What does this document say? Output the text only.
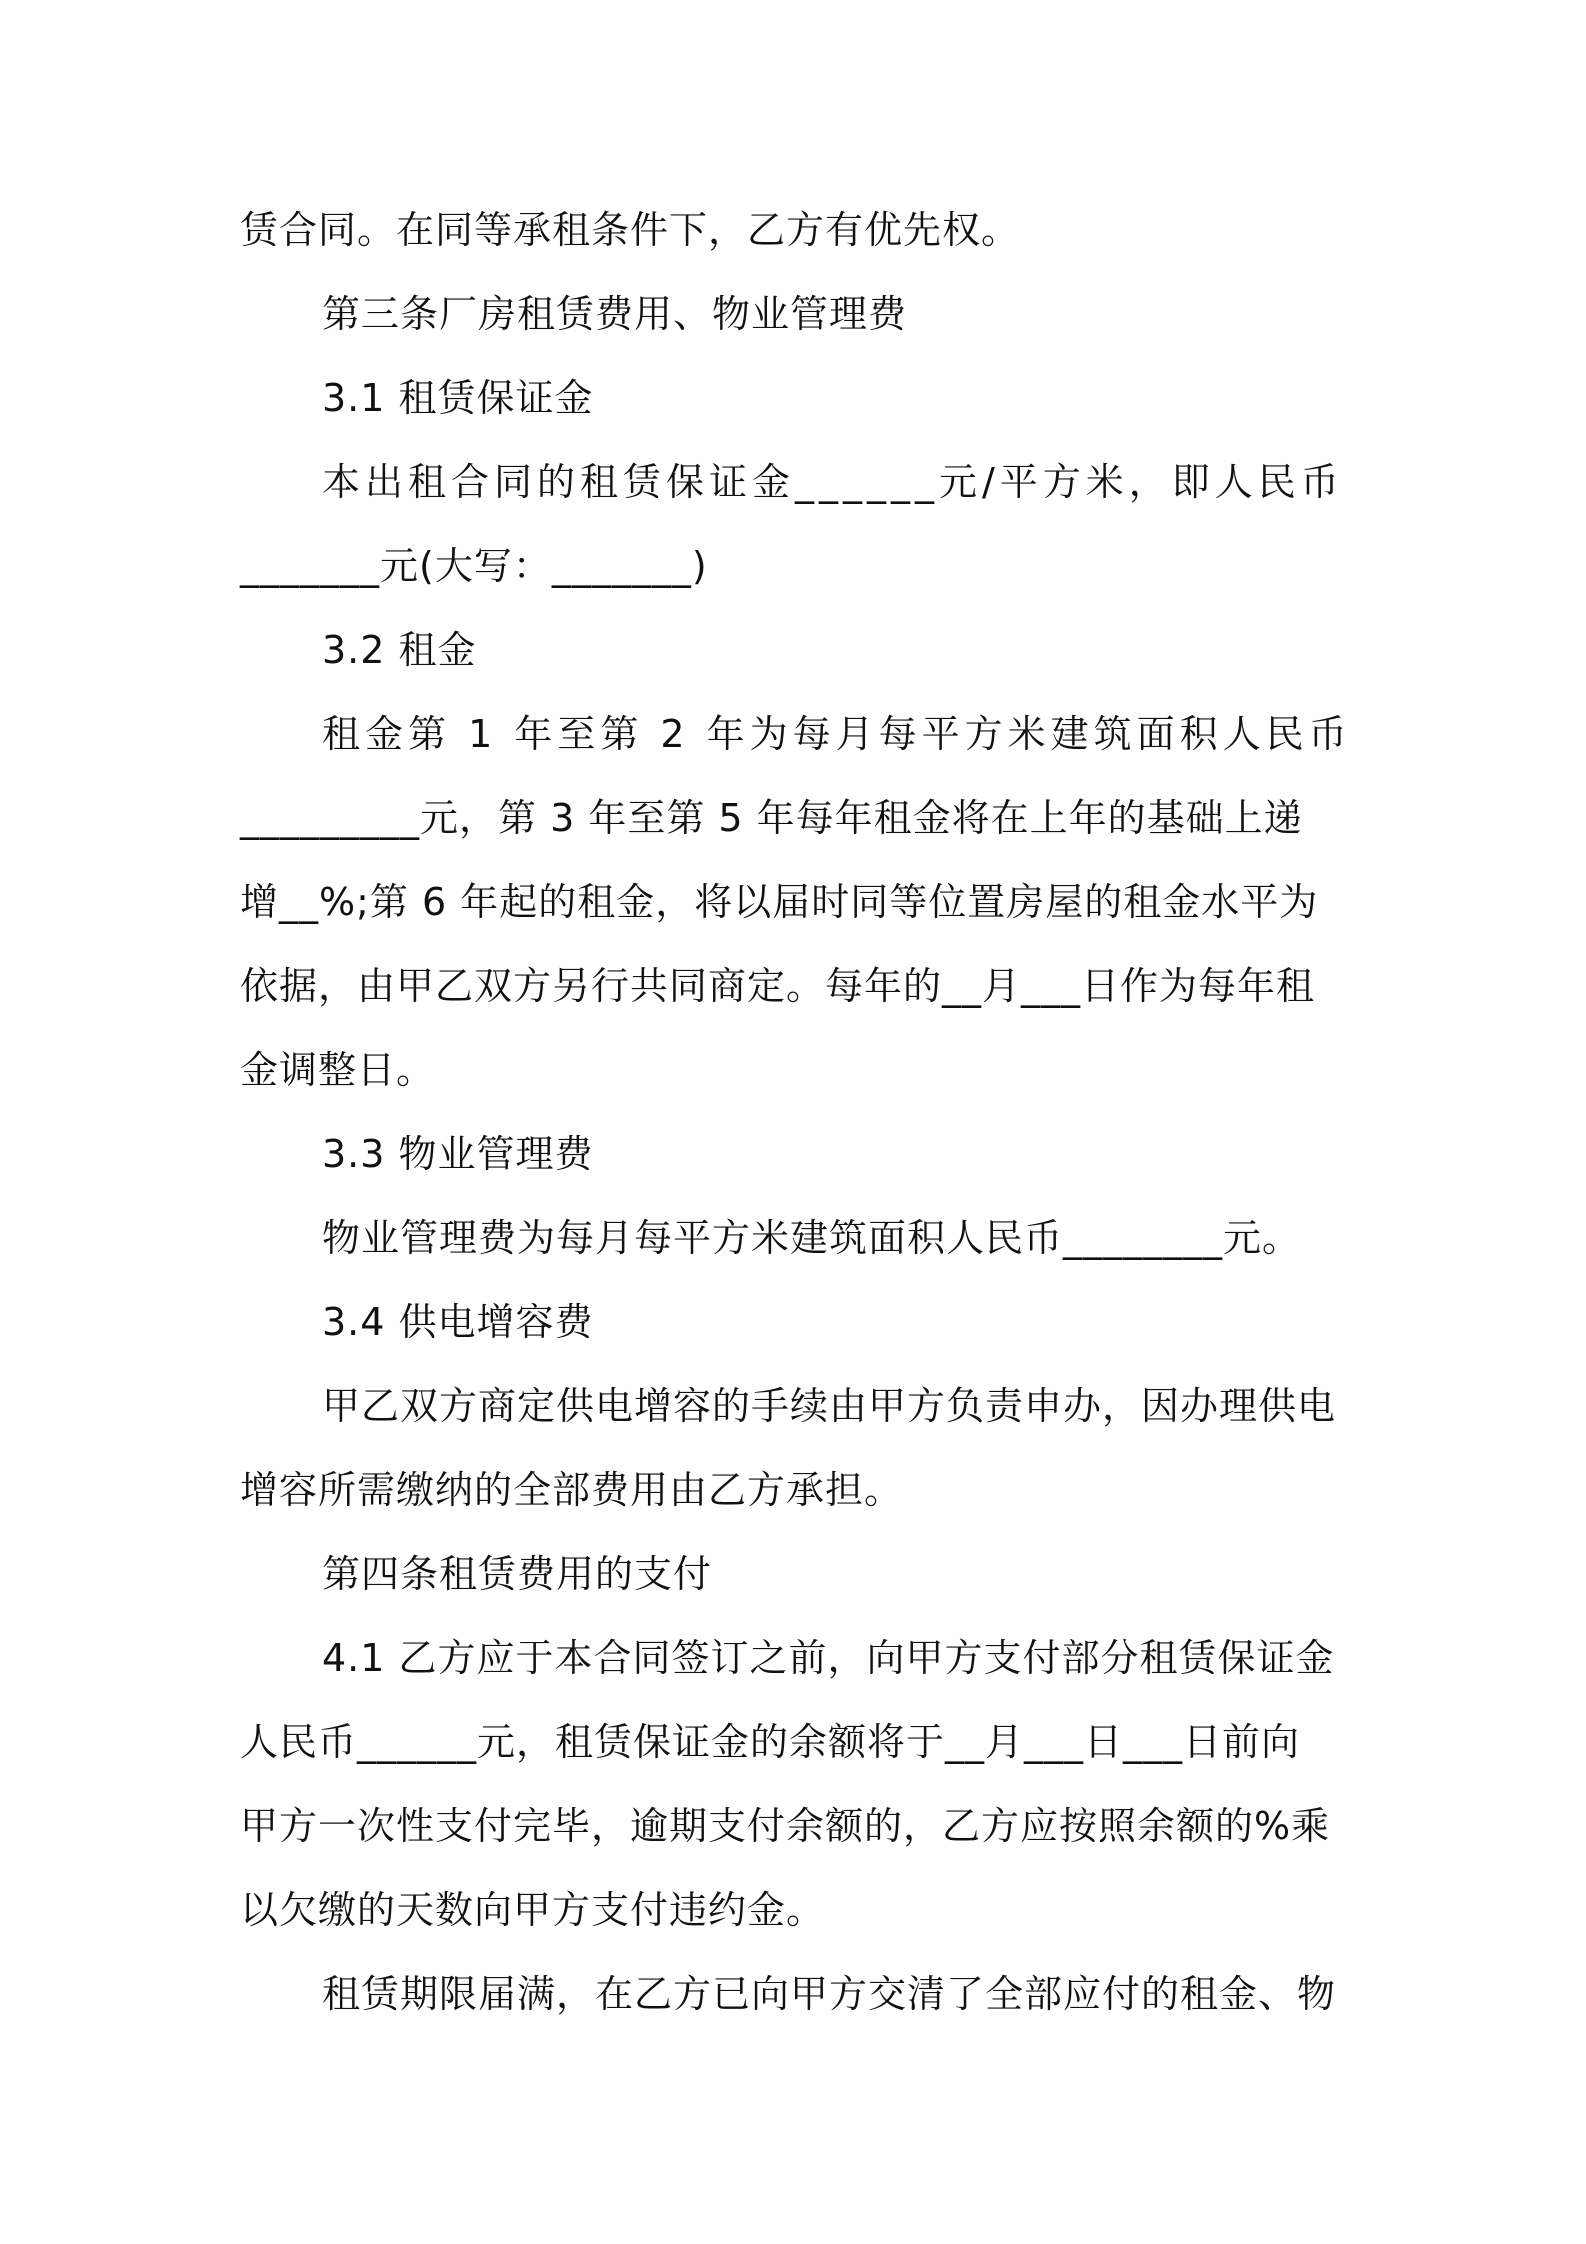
赁合同。在同等承租条件下，乙方有优先权。
第三条厂房租赁费用、物业管理费
3.1 租赁保证金
本出租合同的租赁保证金______元/平方米，即人民币
_______元(大写：_______)
3.2 租金
租金第 1 年至第 2 年为每月每平方米建筑面积人民币
_________元，第 3 年至第 5 年每年租金将在上年的基础上递
增__%;第 6 年起的租金，将以届时同等位置房屋的租金水平为
依据，由甲乙双方另行共同商定。每年的__月___日作为每年租
金调整日。
3.3 物业管理费
物业管理费为每月每平方米建筑面积人民币________元。
3.4 供电增容费
甲乙双方商定供电增容的手续由甲方负责申办，因办理供电
增容所需缴纳的全部费用由乙方承担。
第四条租赁费用的支付
4.1 乙方应于本合同签订之前，向甲方支付部分租赁保证金
人民币______元，租赁保证金的余额将于__月___日___日前向
甲方一次性支付完毕，逾期支付余额的，乙方应按照余额的%乘
以欠缴的天数向甲方支付违约金。
租赁期限届满，在乙方已向甲方交清了全部应付的租金、物
